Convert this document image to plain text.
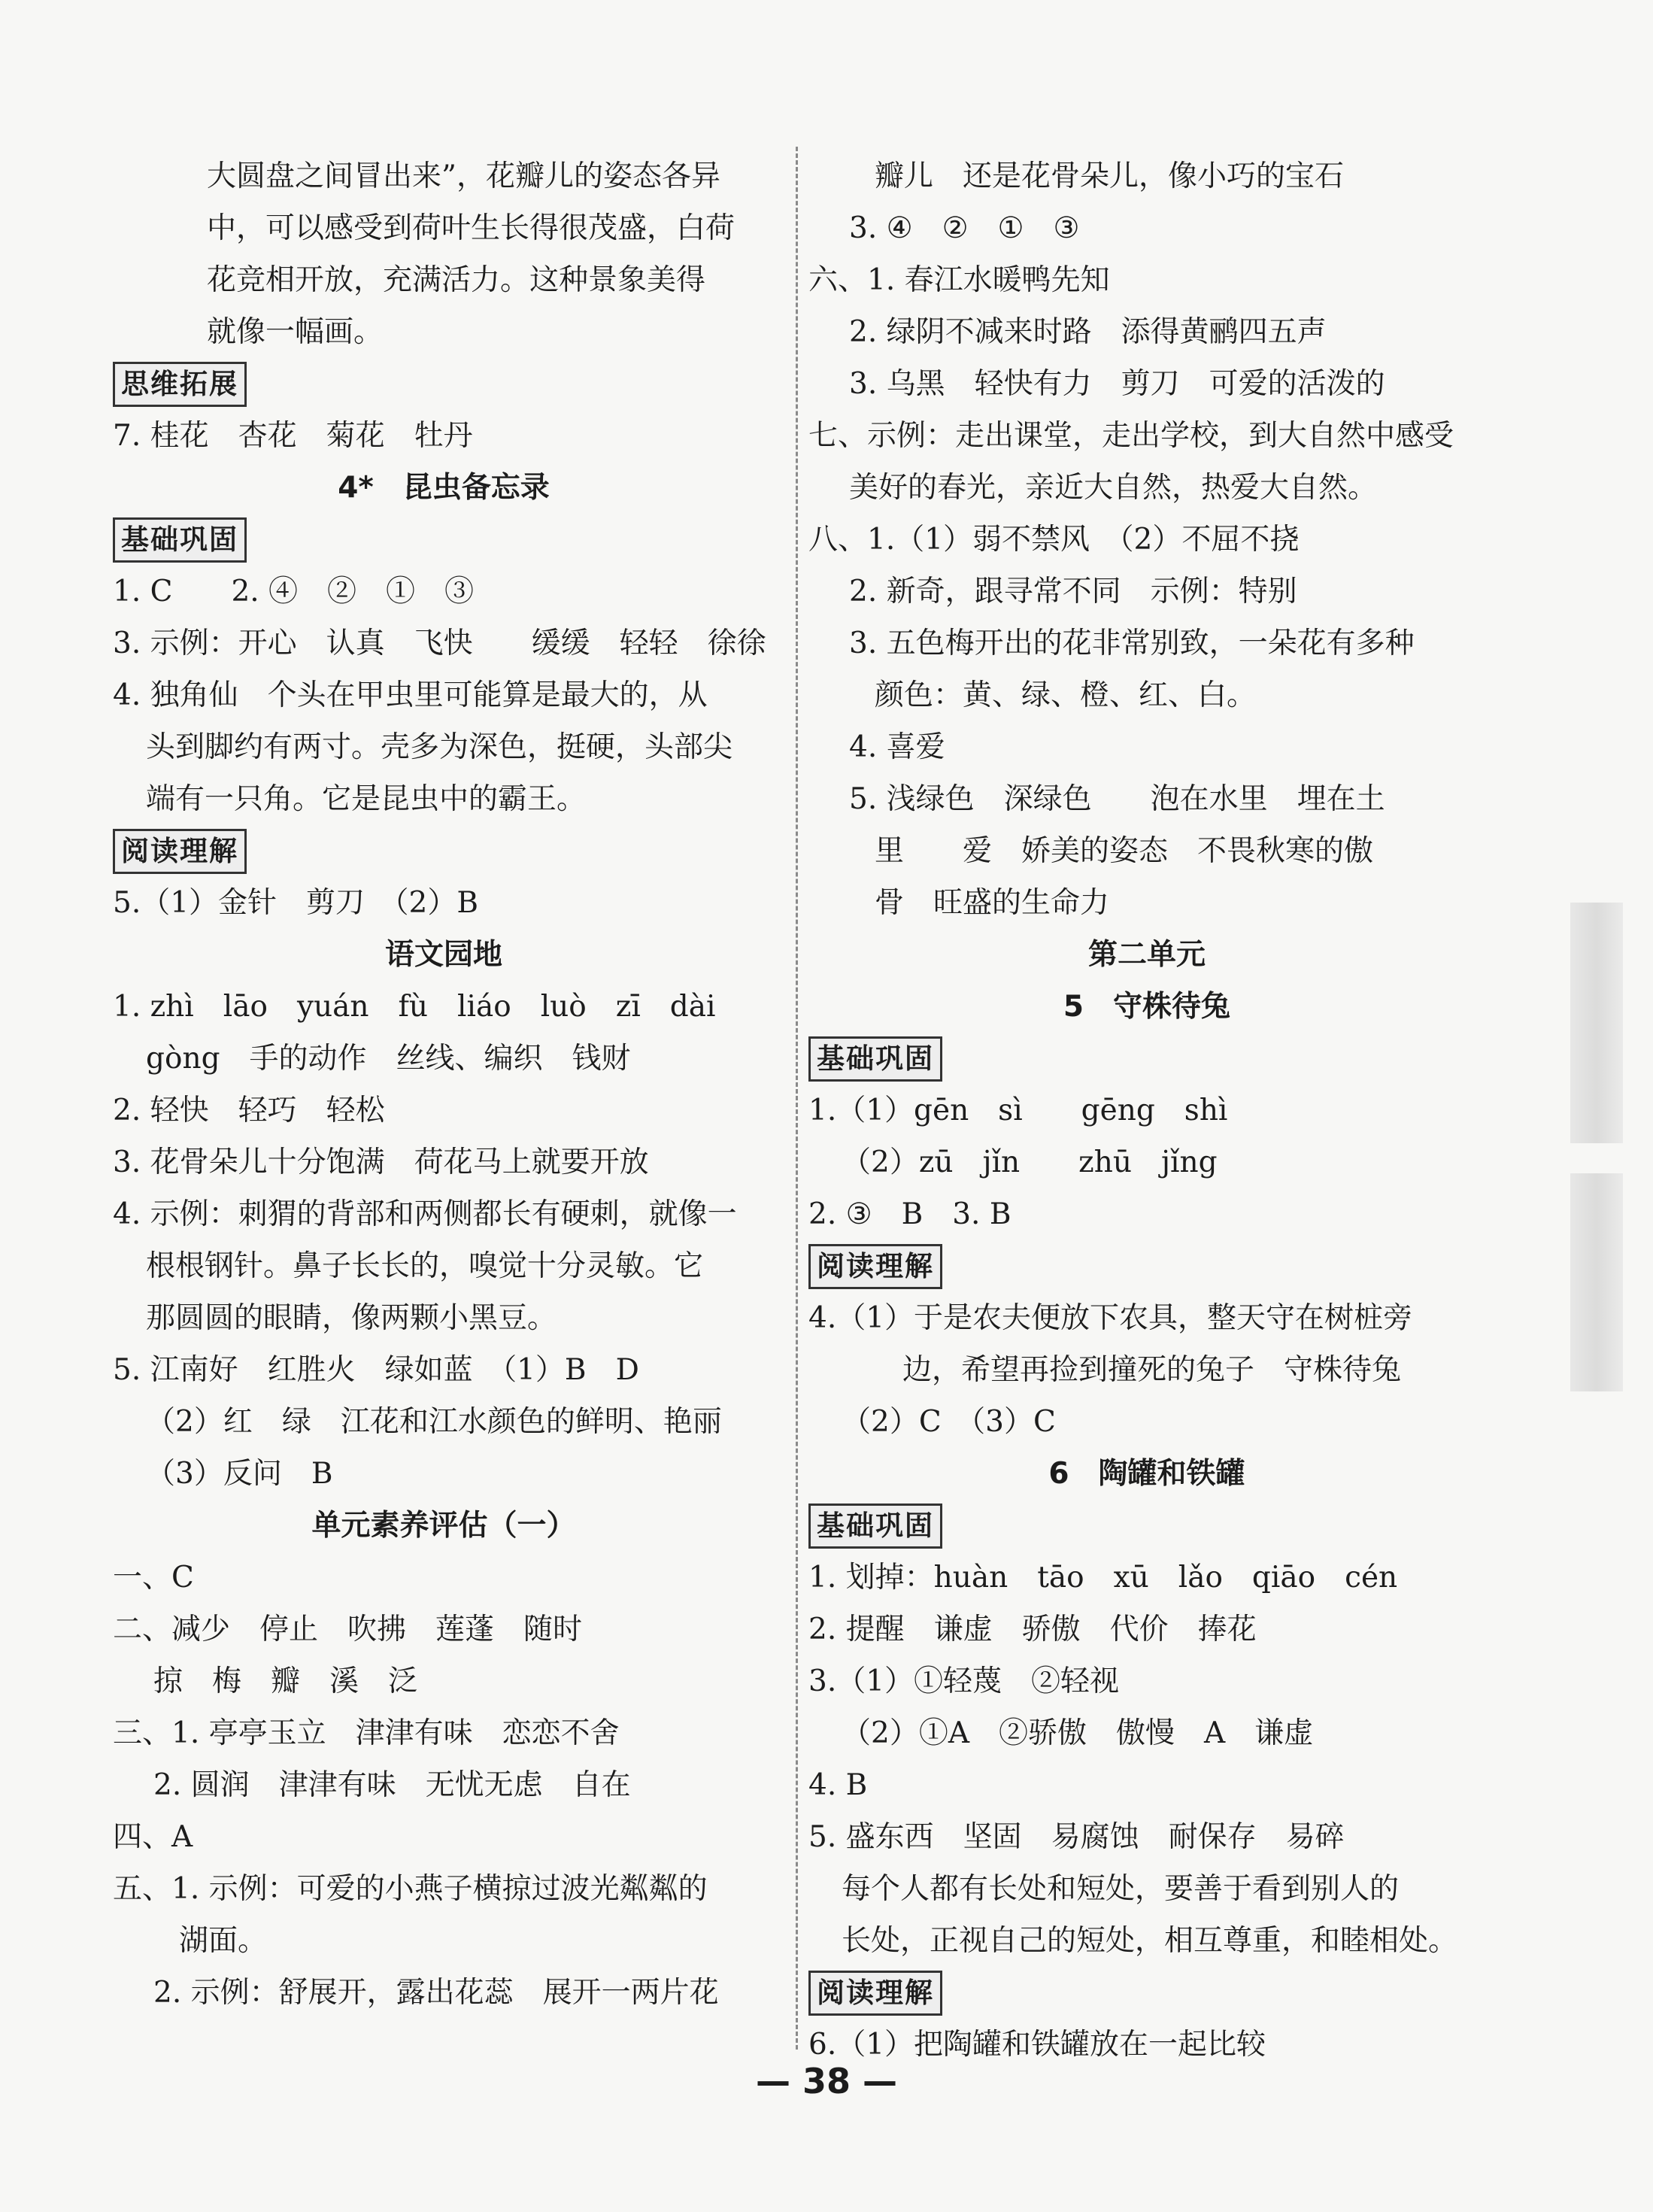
大圆盘之间冒出来”，花瓣儿的姿态各异
中，可以感受到荷叶生长得很茂盛，白荷
花竞相开放，充满活力。这种景象美得
就像一幅画。
思维拓展
7. 桂花　杏花　菊花　牡丹
4*　昆虫备忘录
基础巩固
1. C　　2. ④　②　①　③
3. 示例：开心　认真　飞快　　缓缓　轻轻　徐徐
4. 独角仙　个头在甲虫里可能算是最大的，从
头到脚约有两寸。壳多为深色，挺硬，头部尖
端有一只角。它是昆虫中的霸王。
阅读理解
5.（1）金针　剪刀　（2）B
语文园地
1. zhì　lāo　yuán　fù　liáo　luò　zī　dài
gòng　手的动作　丝线、编织　钱财
2. 轻快　轻巧　轻松
3. 花骨朵儿十分饱满　荷花马上就要开放
4. 示例：刺猬的背部和两侧都长有硬刺，就像一
根根钢针。鼻子长长的，嗅觉十分灵敏。它
那圆圆的眼睛，像两颗小黑豆。
5. 江南好　红胜火　绿如蓝　（1）B　D
（2）红　绿　江花和江水颜色的鲜明、艳丽
（3）反问　B
单元素养评估（一）
一、C
二、减少　停止　吹拂　莲蓬　随时
掠　梅　瓣　溪　泛
三、1. 亭亭玉立　津津有味　恋恋不舍
2. 圆润　津津有味　无忧无虑　自在
四、A
五、1. 示例：可爱的小燕子横掠过波光粼粼的
湖面。
2. 示例：舒展开，露出花蕊　展开一两片花
瓣儿　还是花骨朵儿，像小巧的宝石
3. ④　②　①　③
六、1. 春江水暖鸭先知
2. 绿阴不减来时路　添得黄鹂四五声
3. 乌黑　轻快有力　剪刀　可爱的活泼的
七、示例：走出课堂，走出学校，到大自然中感受
美好的春光，亲近大自然，热爱大自然。
八、1.（1）弱不禁风　（2）不屈不挠
2. 新奇，跟寻常不同　示例：特别
3. 五色梅开出的花非常别致，一朵花有多种
颜色：黄、绿、橙、红、白。
4. 喜爱
5. 浅绿色　深绿色　　泡在水里　埋在土
里　　爱　娇美的姿态　不畏秋寒的傲
骨　旺盛的生命力
第二单元
5　守株待兔
基础巩固
1.（1）gēn　sì　　gēng　shì
（2）zū　jǐn　　zhū　jǐng
2. ③　B　3. B
阅读理解
4.（1）于是农夫便放下农具，整天守在树桩旁
边，希望再捡到撞死的兔子　守株待兔
（2）C　（3）C
6　陶罐和铁罐
基础巩固
1. 划掉：huàn　tāo　xū　lǎo　qiāo　cén
2. 提醒　谦虚　骄傲　代价　捧花
3.（1）①轻蔑　②轻视
（2）①A　②骄傲　傲慢　A　谦虚
4. B
5. 盛东西　坚固　易腐蚀　耐保存　易碎
每个人都有长处和短处，要善于看到别人的
长处，正视自己的短处，相互尊重，和睦相处。
阅读理解
6.（1）把陶罐和铁罐放在一起比较
— 38 —
